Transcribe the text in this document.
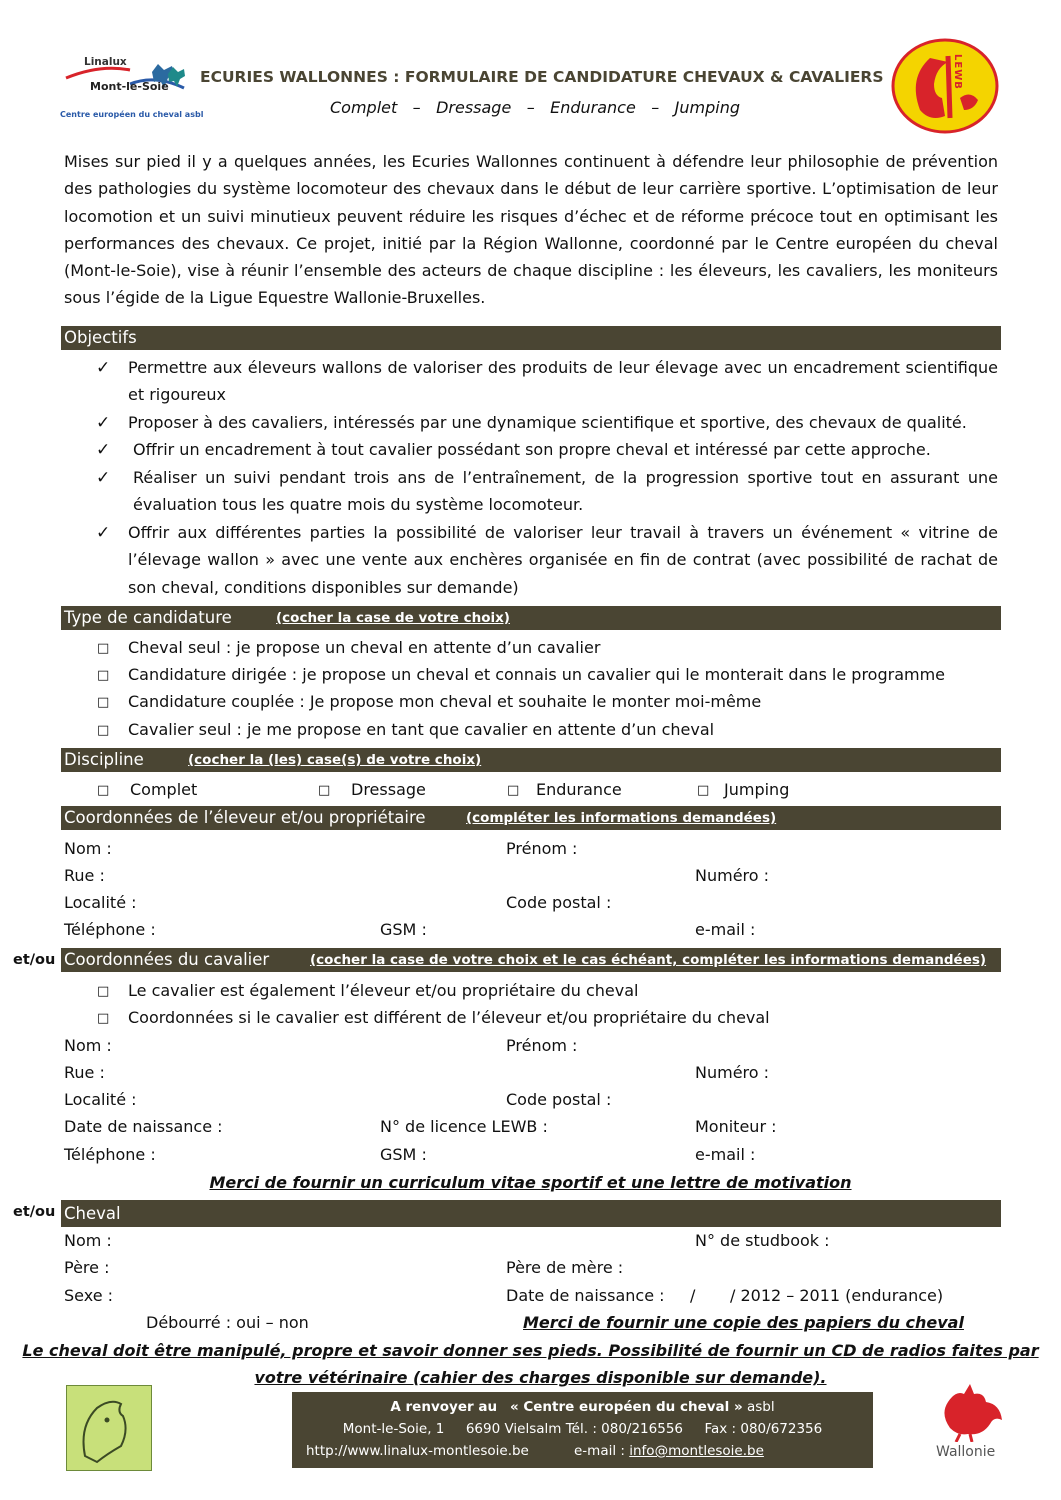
Linalux
Mont-le-Soie
Centre européen du cheval asbl
ECURIES WALLONNES : FORMULAIRE DE CANDIDATURE CHEVAUX & CAVALIERS
Complet – Dressage – Endurance – Jumping
LEWB
Mises sur pied il y a quelques années, les Ecuries Wallonnes continuent à défendre leur philosophie de prévention des pathologies du système locomoteur des chevaux dans le début de leur carrière sportive. L’optimisation de leur locomotion et un suivi minutieux peuvent réduire les risques d’échec et de réforme précoce tout en optimisant les performances des chevaux. Ce projet, initié par la Région Wallonne, coordonné par le Centre européen du cheval (Mont-le-Soie), vise à réunir l’ensemble des acteurs de chaque discipline : les éleveurs, les cavaliers, les moniteurs sous l’égide de la Ligue Equestre Wallonie-Bruxelles.
Objectifs
✓ Permettre aux éleveurs wallons de valoriser des produits de leur élevage avec un encadrement scientifique et rigoureux
✓ Proposer à des cavaliers, intéressés par une dynamique scientifique et sportive, des chevaux de qualité.
✓ Offrir un encadrement à tout cavalier possédant son propre cheval et intéressé par cette approche.
✓ Réaliser un suivi pendant trois ans de l’entraînement, de la progression sportive tout en assurant une évaluation tous les quatre mois du système locomoteur.
✓ Offrir aux différentes parties la possibilité de valoriser leur travail à travers un événement « vitrine de l’élevage wallon » avec une vente aux enchères organisée en fin de contrat (avec possibilité de rachat de son cheval, conditions disponibles sur demande)
Type de candidature	(cocher la case de votre choix)
□ Cheval seul : je propose un cheval en attente d’un cavalier
□ Candidature dirigée : je propose un cheval et connais un cavalier qui le monterait dans le programme
□ Candidature couplée : Je propose mon cheval et souhaite le monter moi-même
□ Cavalier seul : je me propose en tant que cavalier en attente d’un cheval
Discipline	(cocher la (les) case(s) de votre choix)
□ Complet	□ Dressage	□ Endurance	□ Jumping
Coordonnées de l’éleveur et/ou propriétaire	(compléter les informations demandées)
Nom :	Prénom :
Rue :	Numéro :
Localité :	Code postal :
Téléphone :	GSM :	e-mail :
et/ou Coordonnées du cavalier	(cocher la case de votre choix et le cas échéant, compléter les informations demandées)
□ Le cavalier est également l’éleveur et/ou propriétaire du cheval
□ Coordonnées si le cavalier est différent de l’éleveur et/ou propriétaire du cheval
Nom :	Prénom :
Rue :	Numéro :
Localité :	Code postal :
Date de naissance :	N° de licence LEWB :	Moniteur :
Téléphone :	GSM :	e-mail :
Merci de fournir un curriculum vitae sportif et une lettre de motivation
et/ou Cheval
Nom :	N° de studbook :
Père :	Père de mère :
Sexe :	Date de naissance : / / 2012 – 2011 (endurance)
Débourré : oui – non	Merci de fournir une copie des papiers du cheval
Le cheval doit être manipulé, propre et savoir donner ses pieds. Possibilité de fournir un CD de radios faites par
votre vétérinaire (cahier des charges disponible sur demande).
A renvoyer au « Centre européen du cheval » asbl
Mont-le-Soie, 1     6690 Vielsalm Tél. : 080/216556     Fax : 080/672356
http://www.linalux-montlesoie.be	e-mail : info@montlesoie.be	Wallonie
